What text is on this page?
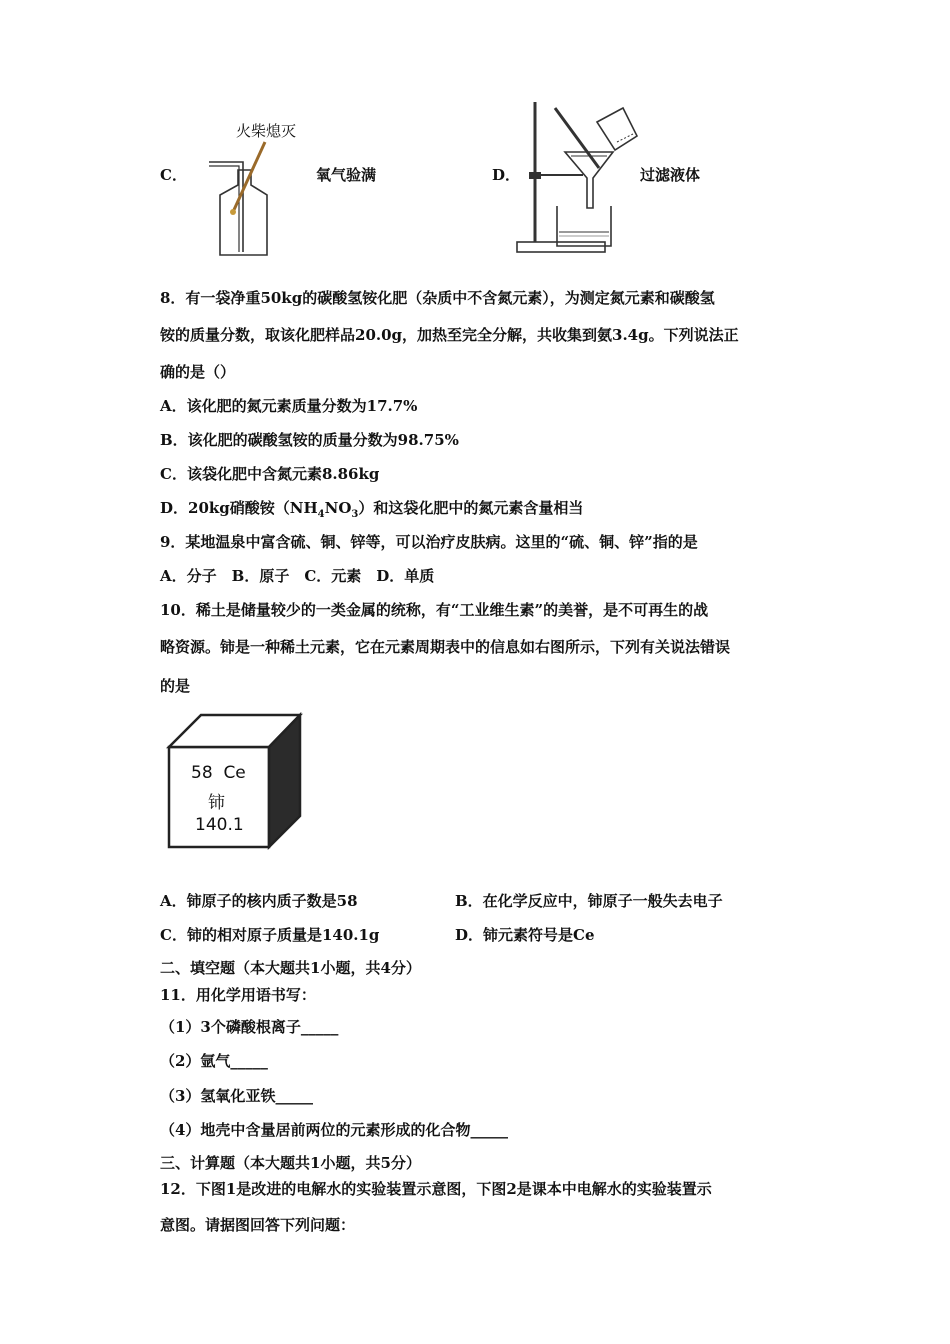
C．
火柴熄灭
氧气验满	D．	过滤液体
8．有一袋净重50kg的碳酸氢铵化肥（杂质中不含氮元素），为测定氮元素和碳酸氢
铵的质量分数，取该化肥样品20.0g，加热至完全分解，共收集到氨3.4g。下列说法正
确的是（）
A．该化肥的氮元素质量分数为17.7%
B．该化肥的碳酸氢铵的质量分数为98.75%
C．该袋化肥中含氮元素8.86kg
D．20kg硝酸铵$(NH_4NO_3)$和这袋化肥中的氮元素含量相当
9．某地温泉中富含硫、铜、锌等，可以治疗皮肤病。这里的“硫、铜、锌”指的是
A．分子　B．原子　C．元素　D．单质
10．稀土是储量较少的一类金属的统称，有“工业维生素”的美誉，是不可再生的战
略资源。铈是一种稀土元素，它在元素周期表中的信息如右图所示，下列有关说法错误
的是
58  Ce
铈
140.1
A．铈原子的核内质子数是58	B．在化学反应中，铈原子一般失去电子
C．铈的相对原子质量是140.1g	D．铈元素符号是Ce
二、填空题（本大题共1小题，共4分）
11．用化学用语书写：
（1）3个磷酸根离子_____
（2）氩气_____
（3）氢氧化亚铁_____
（4）地壳中含量居前两位的元素形成的化合物_____
三、计算题（本大题共1小题，共5分）
12．下图1是改进的电解水的实验装置示意图，下图2是课本中电解水的实验装置示
意图。请据图回答下列问题：
